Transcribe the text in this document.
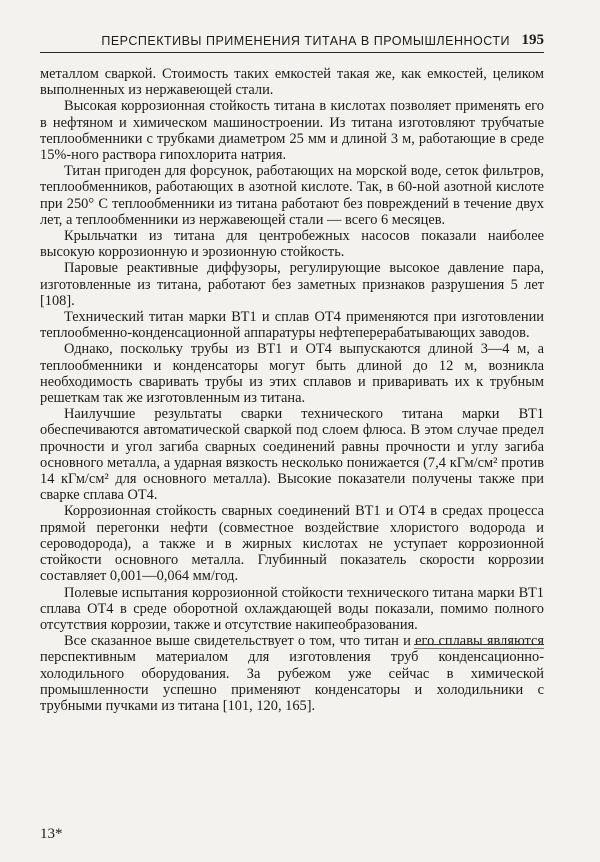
ПЕРСПЕКТИВЫ ПРИМЕНЕНИЯ ТИТАНА В ПРОМЫШЛЕННОСТИ 195

металлом сваркой. Стоимость таких емкостей такая же, как емкостей, целиком выполненных из нержавеющей стали.

Высокая коррозионная стойкость титана в кислотах позволяет применять его в нефтяном и химическом машиностроении. Из титана изготовляют трубчатые теплообменники с трубками диаметром 25 мм и длиной 3 м, работающие в среде 15%-ного раствора гипохлорита натрия.

Титан пригоден для форсунок, работающих на морской воде, сеток фильтров, теплообменников, работающих в азотной кислоте. Так, в 60-ной азотной кислоте при 250° С теплообменники из титана работают без повреждений в течение двух лет, а теплообменники из нержавеющей стали — всего 6 месяцев.

Крыльчатки из титана для центробежных насосов показали наиболее высокую коррозионную и эрозионную стойкость.

Паровые реактивные диффузоры, регулирующие высокое давление пара, изготовленные из титана, работают без заметных признаков разрушения 5 лет [108].

Технический титан марки ВТ1 и сплав ОТ4 применяются при изготовлении теплообменно-конденсационной аппаратуры нефтеперерабатывающих заводов.

Однако, поскольку трубы из ВТ1 и ОТ4 выпускаются длиной 3—4 м, а теплообменники и конденсаторы могут быть длиной до 12 м, возникла необходимость сваривать трубы из этих сплавов и приваривать их к трубным решеткам так же изготовленным из титана.

Наилучшие результаты сварки технического титана марки ВТ1 обеспечиваются автоматической сваркой под слоем флюса. В этом случае предел прочности и угол загиба сварных соединений равны прочности и углу загиба основного металла, а ударная вязкость несколько понижается (7,4 кГм/см² против 14 кГм/см² для основного металла). Высокие показатели получены также при сварке сплава ОТ4.

Коррозионная стойкость сварных соединений ВТ1 и ОТ4 в средах процесса прямой перегонки нефти (совместное воздействие хлористого водорода и сероводорода), а также и в жирных кислотах не уступает коррозионной стойкости основного металла. Глубинный показатель скорости коррозии составляет 0,001—0,064 мм/год.

Полевые испытания коррозионной стойкости технического титана марки ВТ1 сплава ОТ4 в среде оборотной охлаждающей воды показали, помимо полного отсутствия коррозии, также и отсутствие накипеобразования.

Все сказанное выше свидетельствует о том, что титан и его сплавы являются перспективным материалом для изготовления труб конденсационно-холодильного оборудования. За рубежом уже сейчас в химической промышленности успешно применяют конденсаторы и холодильники с трубными пучками из титана [101, 120, 165].

13*
